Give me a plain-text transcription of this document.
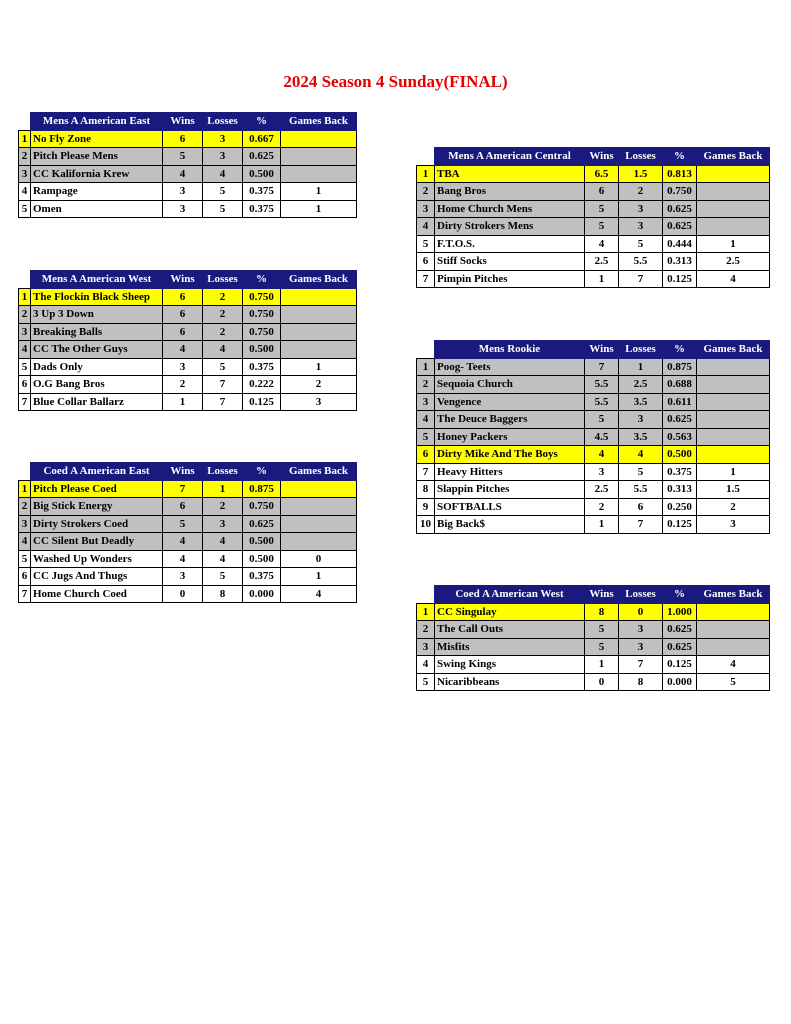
2024 Season 4 Sunday(FINAL)
	Mens A American East	Wins	Losses	%	Games Back
1	No Fly Zone	6	3	0.667	
2	Pitch Please Mens	5	3	0.625	
3	CC Kalifornia Krew	4	4	0.500	
4	Rampage	3	5	0.375	1
5	Omen	3	5	0.375	1
	Mens A American West	Wins	Losses	%	Games Back
1	The Flockin Black Sheep	6	2	0.750	
2	3 Up 3 Down	6	2	0.750	
3	Breaking Balls	6	2	0.750	
4	CC The Other Guys	4	4	0.500	
5	Dads Only	3	5	0.375	1
6	O.G Bang Bros	2	7	0.222	2
7	Blue Collar Ballarz	1	7	0.125	3
	Coed A American East	Wins	Losses	%	Games Back
1	Pitch Please Coed	7	1	0.875	
2	Big Stick Energy	6	2	0.750	
3	Dirty Strokers Coed	5	3	0.625	
4	CC Silent But Deadly	4	4	0.500	
5	Washed Up Wonders	4	4	0.500	0
6	CC Jugs And Thugs	3	5	0.375	1
7	Home Church Coed	0	8	0.000	4
	Mens A American Central	Wins	Losses	%	Games Back
1	TBA	6.5	1.5	0.813	
2	Bang Bros	6	2	0.750	
3	Home Church Mens	5	3	0.625	
4	Dirty Strokers Mens	5	3	0.625	
5	F.T.O.S.	4	5	0.444	1
6	Stiff Socks	2.5	5.5	0.313	2.5
7	Pimpin Pitches	1	7	0.125	4
	Mens Rookie	Wins	Losses	%	Games Back
1	Poog- Teets	7	1	0.875	
2	Sequoia Church	5.5	2.5	0.688	
3	Vengence	5.5	3.5	0.611	
4	The Deuce Baggers	5	3	0.625	
5	Honey Packers	4.5	3.5	0.563	
6	Dirty Mike And The Boys	4	4	0.500	
7	Heavy Hitters	3	5	0.375	1
8	Slappin Pitches	2.5	5.5	0.313	1.5
9	SOFTBALLS	2	6	0.250	2
10	Big Back$	1	7	0.125	3
	Coed A American West	Wins	Losses	%	Games Back
1	CC Singulay	8	0	1.000	
2	The Call Outs	5	3	0.625	
3	Misfits	5	3	0.625	
4	Swing Kings	1	7	0.125	4
5	Nicaribbeans	0	8	0.000	5
